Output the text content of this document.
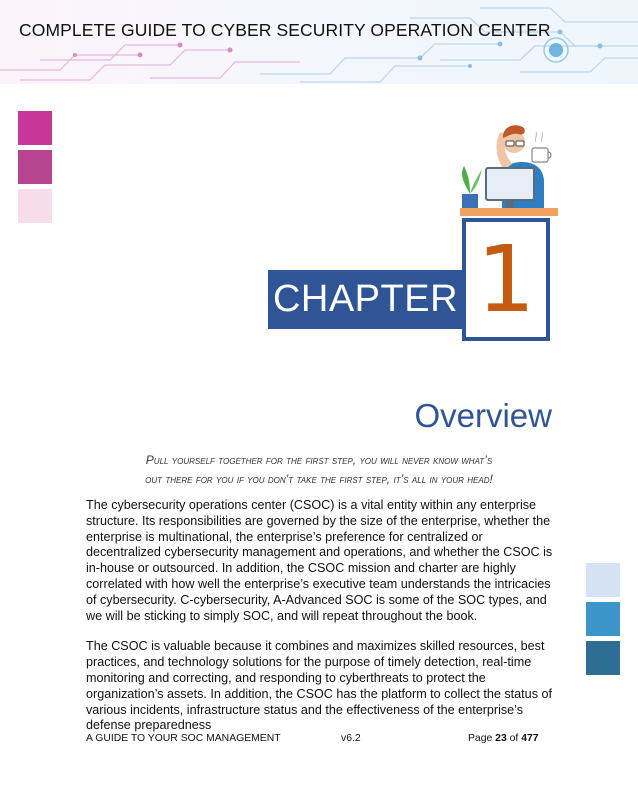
COMPLETE GUIDE TO CYBER SECURITY OPERATION CENTER
CHAPTER 1
Overview
Pull yourself together for the first step, you will never know what’s
out there for you if you don’t take the first step, it’s all in your head!

The cybersecurity operations center (CSOC) is a vital entity within any enterprise structure. Its responsibilities are governed by the size of the enterprise, whether the enterprise is multinational, the enterprise’s preference for centralized or decentralized cybersecurity management and operations, and whether the CSOC is in-house or outsourced. In addition, the CSOC mission and charter are highly correlated with how well the enterprise’s executive team understands the intricacies of cybersecurity. C-cybersecurity, A-Advanced SOC is some of the SOC types, and we will be sticking to simply SOC, and will repeat throughout the book.

The CSOC is valuable because it combines and maximizes skilled resources, best practices, and technology solutions for the purpose of timely detection, real-time monitoring and correcting, and responding to cyberthreats to protect the organization’s assets. In addition, the CSOC has the platform to collect the status of various incidents, infrastructure status and the effectiveness of the enterprise’s defense preparedness

A GUIDE TO YOUR SOC MANAGEMENT	v6.2	Page 23 of 477
